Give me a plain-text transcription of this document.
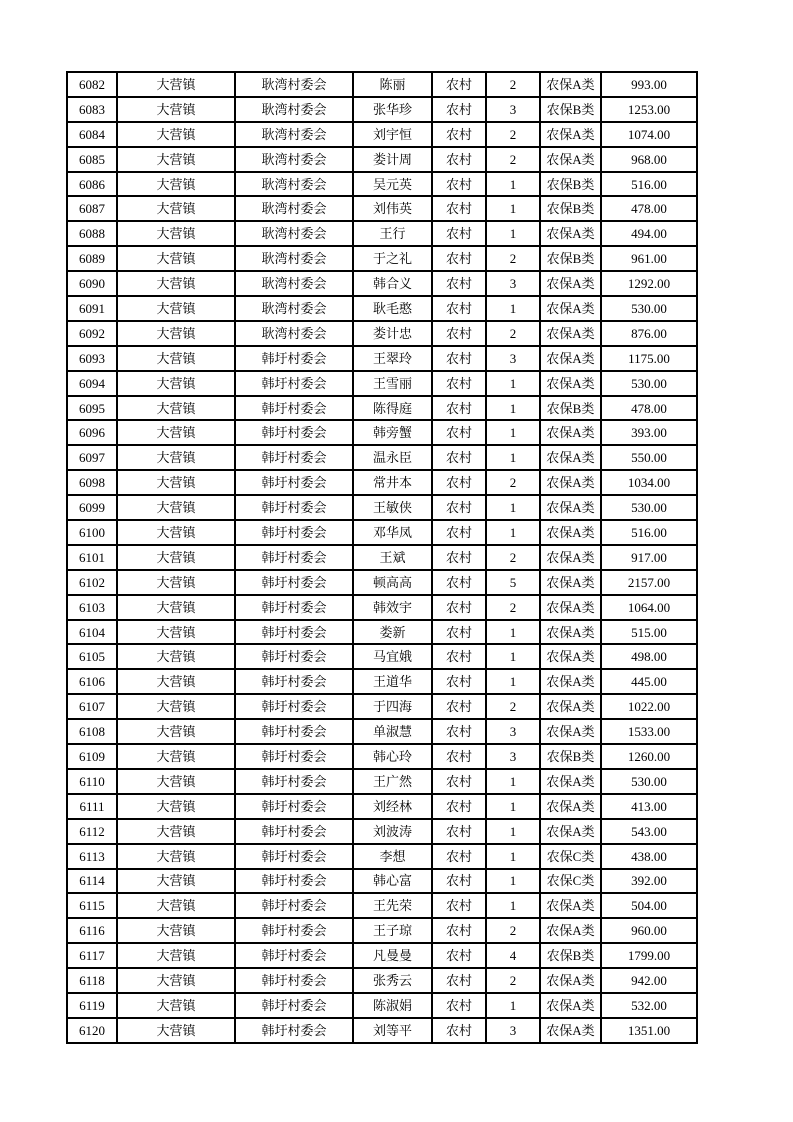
6082	大营镇	耿湾村委会	陈丽	农村	2	农保A类	993.00
6083	大营镇	耿湾村委会	张华珍	农村	3	农保B类	1253.00
6084	大营镇	耿湾村委会	刘宇恒	农村	2	农保A类	1074.00
6085	大营镇	耿湾村委会	娄计周	农村	2	农保A类	968.00
6086	大营镇	耿湾村委会	吴元英	农村	1	农保B类	516.00
6087	大营镇	耿湾村委会	刘伟英	农村	1	农保B类	478.00
6088	大营镇	耿湾村委会	王行	农村	1	农保A类	494.00
6089	大营镇	耿湾村委会	于之礼	农村	2	农保B类	961.00
6090	大营镇	耿湾村委会	韩合义	农村	3	农保A类	1292.00
6091	大营镇	耿湾村委会	耿毛憨	农村	1	农保A类	530.00
6092	大营镇	耿湾村委会	娄计忠	农村	2	农保A类	876.00
6093	大营镇	韩圩村委会	王翠玲	农村	3	农保A类	1175.00
6094	大营镇	韩圩村委会	王雪丽	农村	1	农保A类	530.00
6095	大营镇	韩圩村委会	陈得庭	农村	1	农保B类	478.00
6096	大营镇	韩圩村委会	韩旁蟹	农村	1	农保A类	393.00
6097	大营镇	韩圩村委会	温永臣	农村	1	农保A类	550.00
6098	大营镇	韩圩村委会	常井本	农村	2	农保A类	1034.00
6099	大营镇	韩圩村委会	王敏侠	农村	1	农保A类	530.00
6100	大营镇	韩圩村委会	邓华凤	农村	1	农保A类	516.00
6101	大营镇	韩圩村委会	王斌	农村	2	农保A类	917.00
6102	大营镇	韩圩村委会	顿高高	农村	5	农保A类	2157.00
6103	大营镇	韩圩村委会	韩效宇	农村	2	农保A类	1064.00
6104	大营镇	韩圩村委会	娄新	农村	1	农保A类	515.00
6105	大营镇	韩圩村委会	马宜娥	农村	1	农保A类	498.00
6106	大营镇	韩圩村委会	王道华	农村	1	农保A类	445.00
6107	大营镇	韩圩村委会	于四海	农村	2	农保A类	1022.00
6108	大营镇	韩圩村委会	单淑慧	农村	3	农保A类	1533.00
6109	大营镇	韩圩村委会	韩心玲	农村	3	农保B类	1260.00
6110	大营镇	韩圩村委会	王广然	农村	1	农保A类	530.00
6111	大营镇	韩圩村委会	刘经林	农村	1	农保A类	413.00
6112	大营镇	韩圩村委会	刘波涛	农村	1	农保A类	543.00
6113	大营镇	韩圩村委会	李想	农村	1	农保C类	438.00
6114	大营镇	韩圩村委会	韩心富	农村	1	农保C类	392.00
6115	大营镇	韩圩村委会	王先荣	农村	1	农保A类	504.00
6116	大营镇	韩圩村委会	王子琼	农村	2	农保A类	960.00
6117	大营镇	韩圩村委会	凡曼曼	农村	4	农保B类	1799.00
6118	大营镇	韩圩村委会	张秀云	农村	2	农保A类	942.00
6119	大营镇	韩圩村委会	陈淑娟	农村	1	农保A类	532.00
6120	大营镇	韩圩村委会	刘等平	农村	3	农保A类	1351.00
